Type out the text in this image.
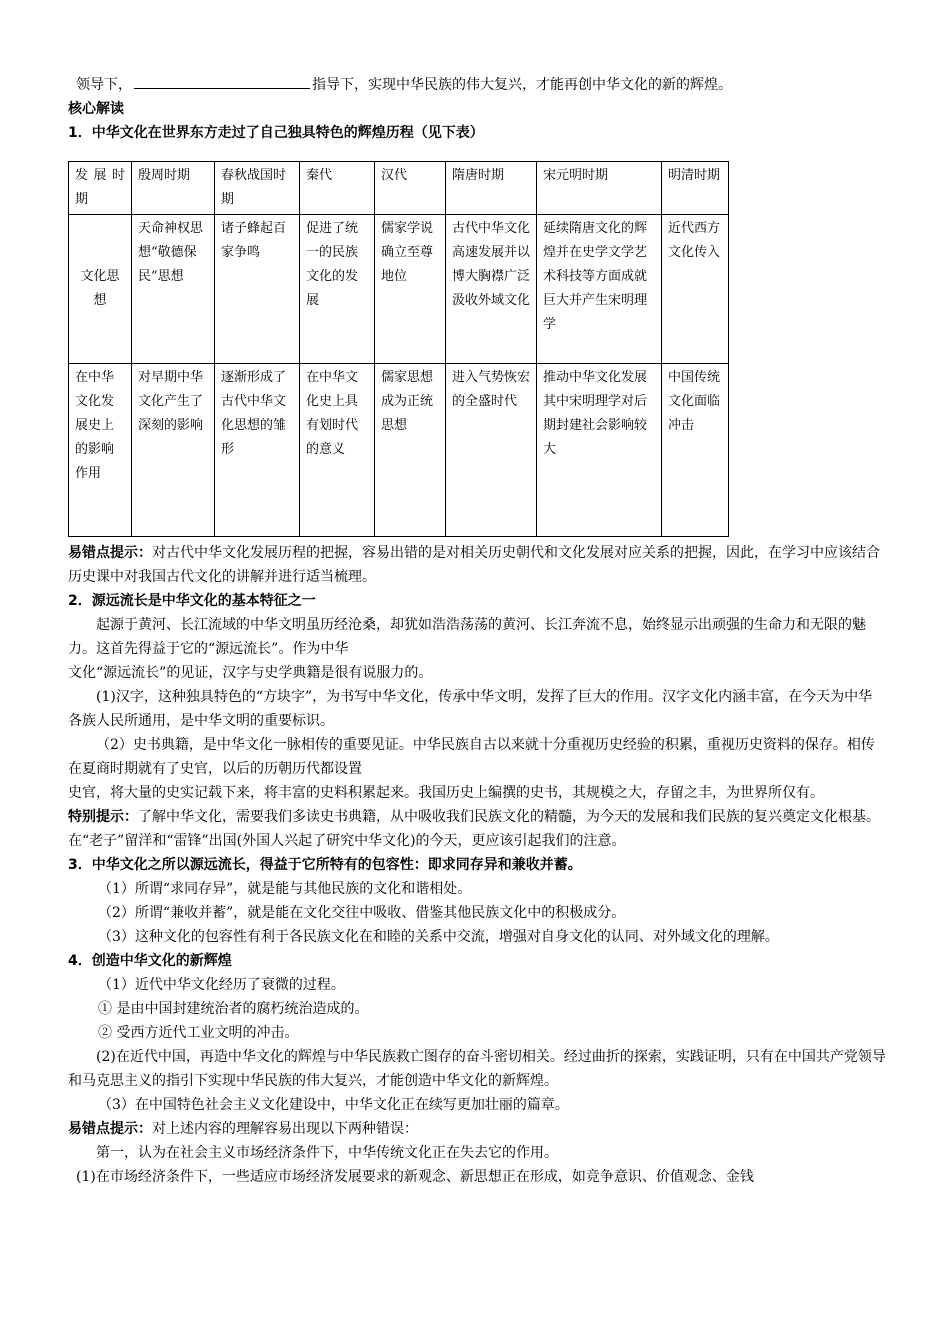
领导下，	指导下，实现中华民族的伟大复兴，才能再创中华文化的新的辉煌。

核心解读

1．中华文化在世界东方走过了自己独具特色的辉煌历程（见下表）

发展时期	殷周时期	春秋战国时期	秦代	汉代	隋唐时期	宋元明时期	明清时期
文化思想	天命神权思想“敬德保民”思想	诸子蜂起百家争鸣	促进了统一的民族文化的发展	儒家学说确立至尊地位	古代中华文化高速发展并以博大胸襟广泛汲收外域文化	延续隋唐文化的辉煌并在史学文学艺术科技等方面成就巨大并产生宋明理学	近代西方文化传入
在中华文化发展史上的影响作用	对早期中华文化产生了深刻的影响	逐渐形成了古代中华文化思想的雏形	在中华文化史上具有划时代的意义	儒家思想成为正统思想	进入气势恢宏的全盛时代	推动中华文化发展其中宋明理学对后期封建社会影响较大	中国传统文化面临冲击

易错点提示：对古代中华文化发展历程的把握，容易出错的是对相关历史朝代和文化发展对应关系的把握，因此，在学习中应该结合历史课中对我国古代文化的讲解并进行适当梳理。

2．源远流长是中华文化的基本特征之一

起源于黄河、长江流域的中华文明虽历经沧桑，却犹如浩浩荡荡的黄河、长江奔流不息，始终显示出顽强的生命力和无限的魅力。这首先得益于它的“源远流长”。作为中华

文化“源远流长”的见证，汉字与史学典籍是很有说服力的。

(1)汉字，这种独具特色的“方块字”，为书写中华文化，传承中华文明，发挥了巨大的作用。汉字文化内涵丰富，在今天为中华各族人民所通用，是中华文明的重要标识。

（2）史书典籍，是中华文化一脉相传的重要见证。中华民族自古以来就十分重视历史经验的积累，重视历史资料的保存。相传在夏商时期就有了史官，以后的历朝历代都设置

史官，将大量的史实记载下来，将丰富的史料积累起来。我国历史上编撰的史书，其规模之大，存留之丰，为世界所仅有。

特别提示：了解中华文化，需要我们多读史书典籍，从中吸收我们民族文化的精髓，为今天的发展和我们民族的复兴奠定文化根基。在“老子”留洋和“雷锋”出国(外国人兴起了研究中华文化)的今天，更应该引起我们的注意。

3．中华文化之所以源远流长，得益于它所特有的包容性：即求同存异和兼收并蓄。

（1）所谓“求同存异”，就是能与其他民族的文化和谐相处。

（2）所谓“兼收并蓄”，就是能在文化交往中吸收、借鉴其他民族文化中的积极成分。

（3）这种文化的包容性有利于各民族文化在和睦的关系中交流，增强对自身文化的认同、对外域文化的理解。

4．创造中华文化的新辉煌

（1）近代中华文化经历了衰微的过程。

① 是由中国封建统治者的腐朽统治造成的。

② 受西方近代工业文明的冲击。

(2)在近代中国，再造中华文化的辉煌与中华民族救亡图存的奋斗密切相关。经过曲折的探索，实践证明，只有在中国共产党领导和马克思主义的指引下实现中华民族的伟大复兴，才能创造中华文化的新辉煌。

（3）在中国特色社会主义文化建设中，中华文化正在续写更加壮丽的篇章。

易错点提示：对上述内容的理解容易出现以下两种错误：

第一，认为在社会主义市场经济条件下，中华传统文化正在失去它的作用。

(1)在市场经济条件下，一些适应市场经济发展要求的新观念、新思想正在形成，如竞争意识、价值观念、金钱
